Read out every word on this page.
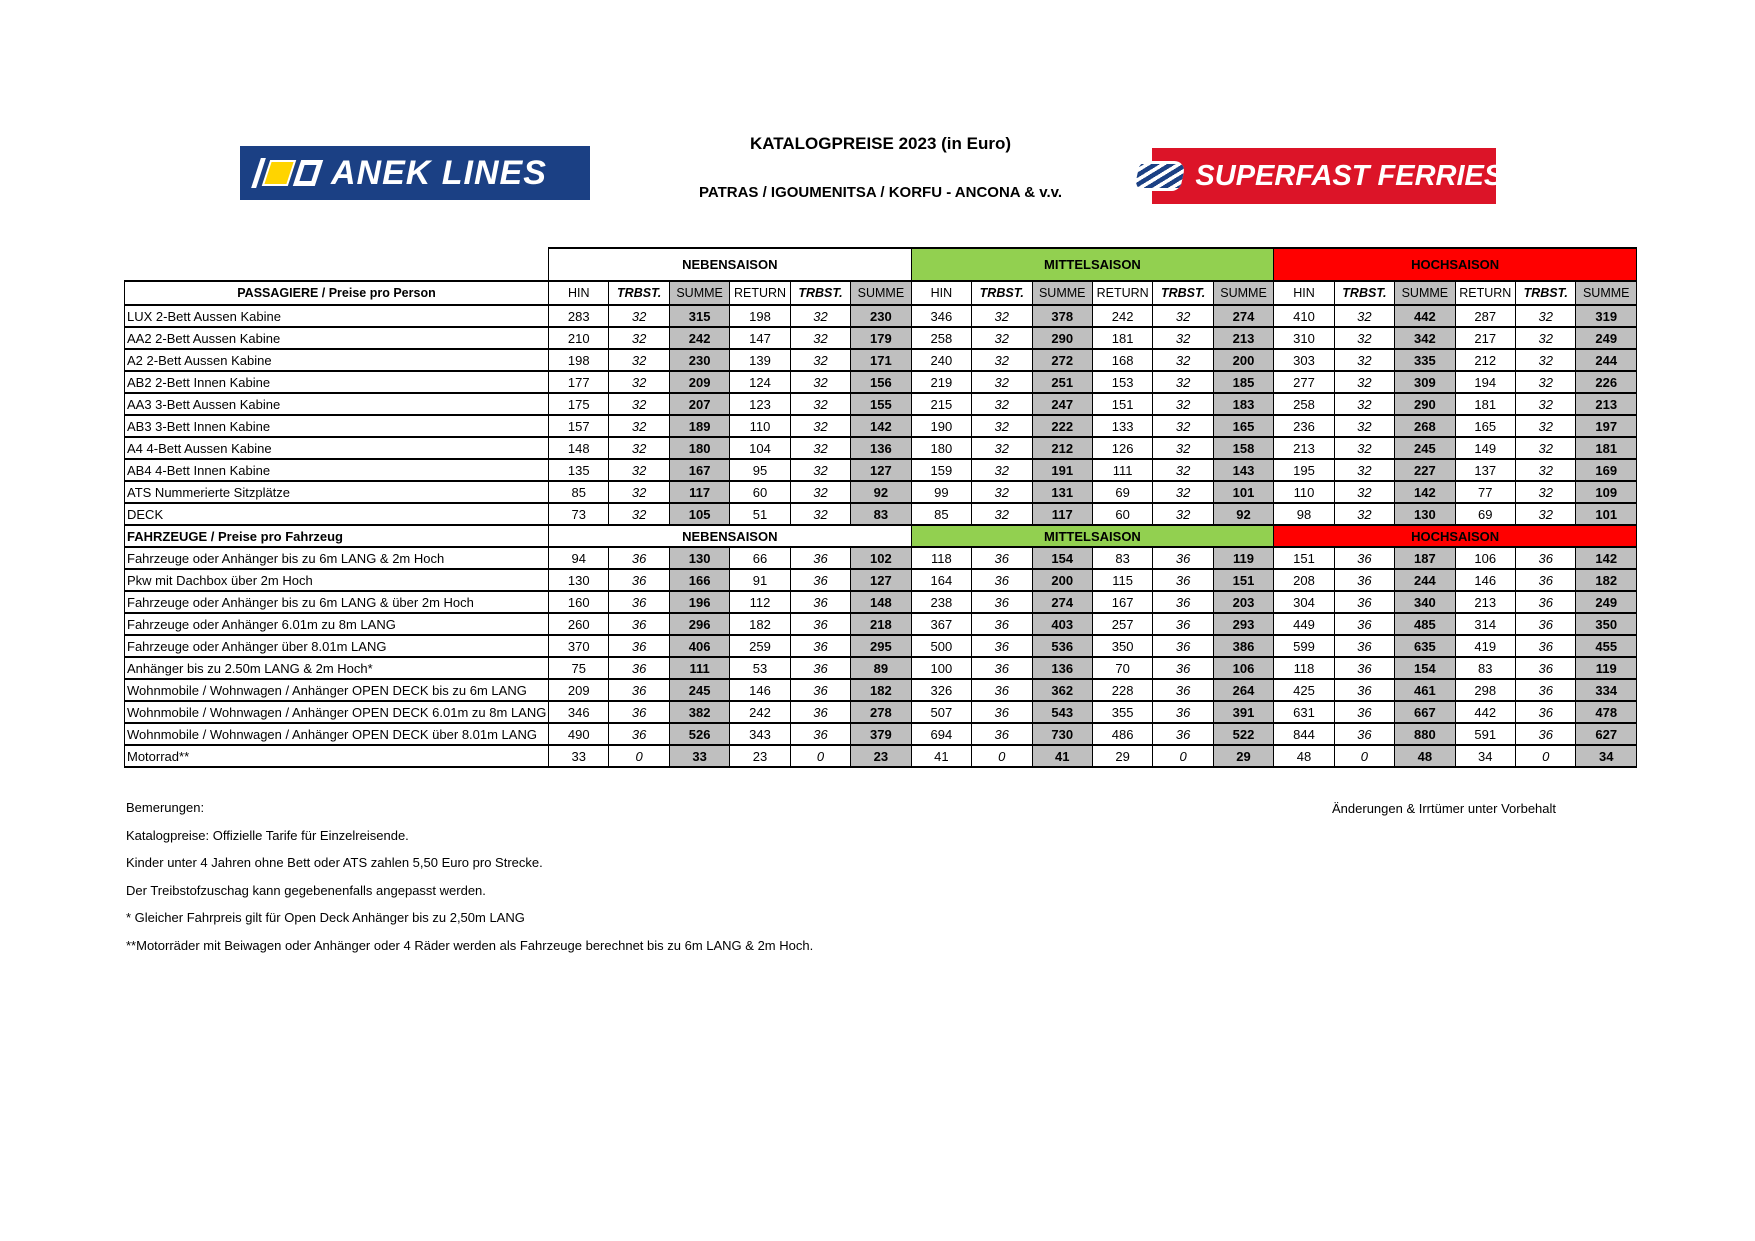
ANEK LINES
KATALOGPREISE 2023 (in Euro)
PATRAS / IGOUMENITSA / KORFU - ANCONA & v.v.
SUPERFAST FERRIES®
	NEBENSAISON						MITTELSAISON						HOCHSAISON					
PASSAGIERE / Preise pro Person	HIN	TRBST.	SUMME	RETURN	TRBST.	SUMME	HIN	TRBST.	SUMME	RETURN	TRBST.	SUMME	HIN	TRBST.	SUMME	RETURN	TRBST.	SUMME
LUX 2-Bett Aussen Kabine	283	32	315	198	32	230	346	32	378	242	32	274	410	32	442	287	32	319
AA2 2-Bett Aussen Kabine	210	32	242	147	32	179	258	32	290	181	32	213	310	32	342	217	32	249
A2 2-Bett Aussen Kabine	198	32	230	139	32	171	240	32	272	168	32	200	303	32	335	212	32	244
AB2 2-Bett Innen Kabine	177	32	209	124	32	156	219	32	251	153	32	185	277	32	309	194	32	226
AA3 3-Bett Aussen Kabine	175	32	207	123	32	155	215	32	247	151	32	183	258	32	290	181	32	213
AB3 3-Bett Innen Kabine	157	32	189	110	32	142	190	32	222	133	32	165	236	32	268	165	32	197
A4 4-Bett Aussen Kabine	148	32	180	104	32	136	180	32	212	126	32	158	213	32	245	149	32	181
AB4 4-Bett Innen Kabine	135	32	167	95	32	127	159	32	191	111	32	143	195	32	227	137	32	169
ATS Nummerierte Sitzplätze	85	32	117	60	32	92	99	32	131	69	32	101	110	32	142	77	32	109
DECK	73	32	105	51	32	83	85	32	117	60	32	92	98	32	130	69	32	101
FAHRZEUGE / Preise pro Fahrzeug	NEBENSAISON						MITTELSAISON						HOCHSAISON					
Fahrzeuge oder Anhänger bis zu 6m LANG & 2m Hoch	94	36	130	66	36	102	118	36	154	83	36	119	151	36	187	106	36	142
Pkw mit Dachbox über 2m Hoch	130	36	166	91	36	127	164	36	200	115	36	151	208	36	244	146	36	182
Fahrzeuge oder Anhänger bis zu 6m LANG & über 2m Hoch	160	36	196	112	36	148	238	36	274	167	36	203	304	36	340	213	36	249
Fahrzeuge oder Anhänger 6.01m zu 8m LANG	260	36	296	182	36	218	367	36	403	257	36	293	449	36	485	314	36	350
Fahrzeuge oder Anhänger über 8.01m LANG	370	36	406	259	36	295	500	36	536	350	36	386	599	36	635	419	36	455
Anhänger bis zu 2.50m LANG & 2m Hoch*	75	36	111	53	36	89	100	36	136	70	36	106	118	36	154	83	36	119
Wohnmobile / Wohnwagen / Anhänger OPEN DECK bis zu 6m LANG	209	36	245	146	36	182	326	36	362	228	36	264	425	36	461	298	36	334
Wohnmobile / Wohnwagen / Anhänger OPEN DECK 6.01m zu 8m LANG	346	36	382	242	36	278	507	36	543	355	36	391	631	36	667	442	36	478
Wohnmobile / Wohnwagen / Anhänger OPEN DECK über 8.01m LANG	490	36	526	343	36	379	694	36	730	486	36	522	844	36	880	591	36	627
Motorrad**	33	0	33	23	0	23	41	0	41	29	0	29	48	0	48	34	0	34
Bemerungen:
Katalogpreise: Offizielle Tarife für Einzelreisende.
Kinder unter 4 Jahren ohne Bett oder ATS zahlen 5,50 Euro pro Strecke.
Der Treibstofzuschag kann gegebenenfalls angepasst werden.
* Gleicher Fahrpreis gilt für Open Deck Anhänger bis zu 2,50m LANG
**Motorräder mit Beiwagen oder Anhänger oder 4 Räder werden als Fahrzeuge berechnet bis zu 6m LANG & 2m Hoch.
Änderungen & Irrtümer unter Vorbehalt
